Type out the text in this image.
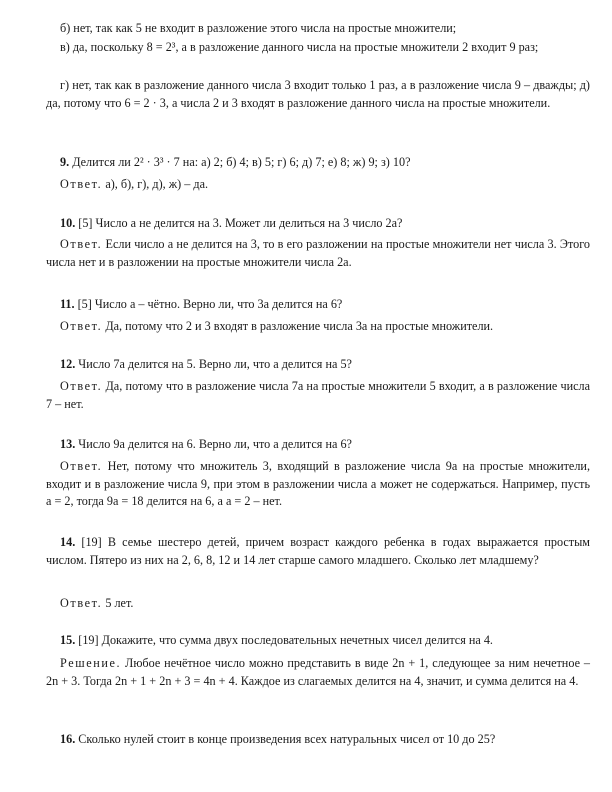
б) нет, так как 5 не входит в разложение этого числа на простые множители;

в) да, поскольку 8 = 2³, а в разложение данного числа на простые множители 2 входит 9 раз;

г) нет, так как в разложение данного числа 3 входит только 1 раз, а в разложение числа 9 – дважды; д) да, потому что 6 = 2 · 3, а числа 2 и 3 входят в разложение данного числа на простые множители.

9. Делится ли 2² · 3³ · 7 на: а) 2; б) 4; в) 5; г) 6; д) 7; е) 8; ж) 9; з) 10?

Ответ. а), б), г), д), ж) – да.

10. [5] Число a не делится на 3. Может ли делиться на 3 число 2a?

Ответ. Если число a не делится на 3, то в его разложении на простые множители нет числа 3. Этого числа нет и в разложении на простые множители числа 2a.

11. [5] Число a – чётно. Верно ли, что 3a делится на 6?

Ответ. Да, потому что 2 и 3 входят в разложение числа 3a на простые множители.

12. Число 7a делится на 5. Верно ли, что a делится на 5?

Ответ. Да, потому что в разложение числа 7a на простые множители 5 входит, а в разложение числа 7 – нет.

13. Число 9a делится на 6. Верно ли, что a делится на 6?

Ответ. Нет, потому что множитель 3, входящий в разложение числа 9a на простые множители, входит и в разложение числа 9, при этом в разложении числа a может не содержаться. Например, пусть a = 2, тогда 9a = 18 делится на 6, а a = 2 – нет.

14. [19] В семье шестеро детей, причем возраст каждого ребенка в годах выражается простым числом. Пятеро из них на 2, 6, 8, 12 и 14 лет старше самого младшего. Сколько лет младшему?

Ответ. 5 лет.

15. [19] Докажите, что сумма двух последовательных нечетных чисел делится на 4.

Решение. Любое нечётное число можно представить в виде 2n + 1, следующее за ним нечетное – 2n + 3. Тогда 2n + 1 + 2n + 3 = 4n + 4. Каждое из слагаемых делится на 4, значит, и сумма делится на 4.

16. Сколько нулей стоит в конце произведения всех натуральных чисел от 10 до 25?
